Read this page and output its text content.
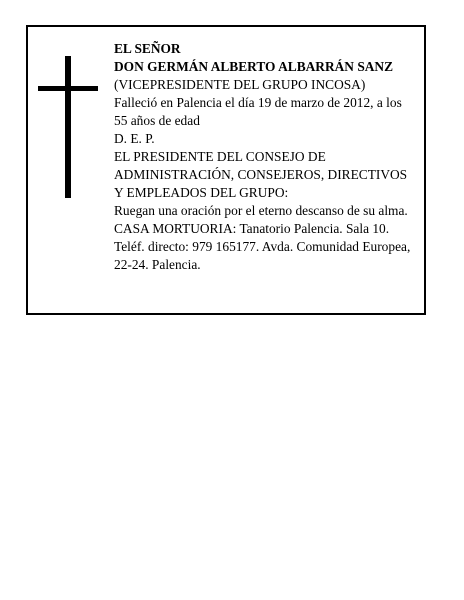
EL SEÑOR
DON GERMÁN ALBERTO ALBARRÁN SANZ
(VICEPRESIDENTE DEL GRUPO INCOSA)
Falleció en Palencia el día 19 de marzo de 2012, a los
55 años de edad
D. E. P.
EL PRESIDENTE DEL CONSEJO DE
ADMINISTRACIÓN, CONSEJEROS, DIRECTIVOS
Y EMPLEADOS DEL GRUPO:
Ruegan una oración por el eterno descanso de su alma.
CASA MORTUORIA: Tanatorio Palencia. Sala 10.
Teléf. directo: 979 165177. Avda. Comunidad Europea,
22-24. Palencia.
